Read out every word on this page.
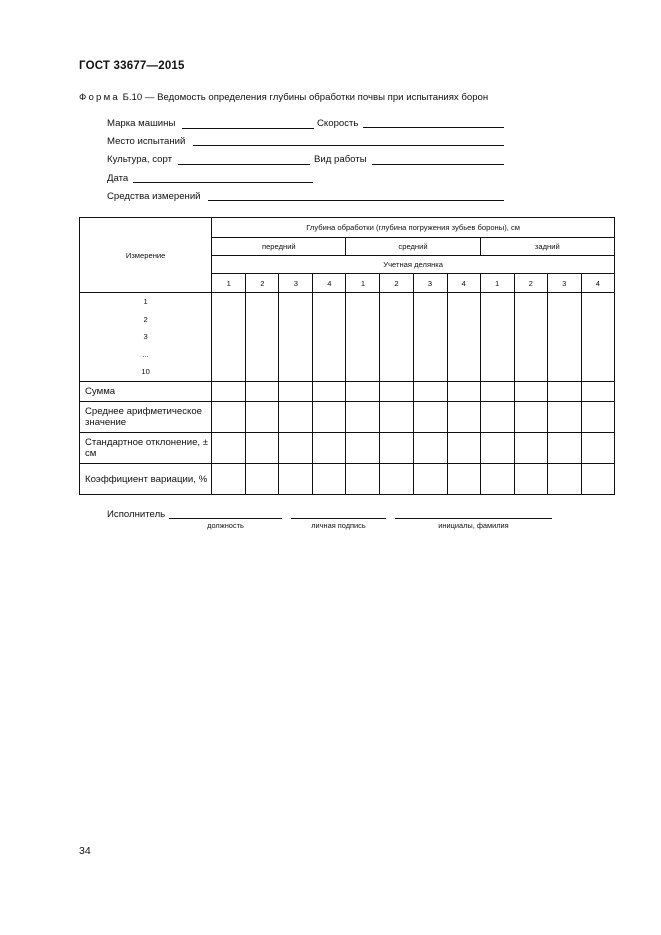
ГОСТ 33677—2015
Форма Б.10 — Ведомость определения глубины обработки почвы при испытаниях борон
Марка машины	Скорость
Место испытаний
Культура, сорт	Вид работы
Дата
Средства измерений
Измерение	Глубина обработки (глубина погружения зубьев бороны), см											
	передний				средний				задний			
	Учетная делянка											
	1	2	3	4	1	2	3	4	1	2	3	4

1
2
3
...
10												

Сумма												
Среднее арифметическое значение												
Стандартное отклонение, ± см												
Коэффициент вариации, %												
Исполнитель
должность	личная подпись	инициалы, фамилия
34
